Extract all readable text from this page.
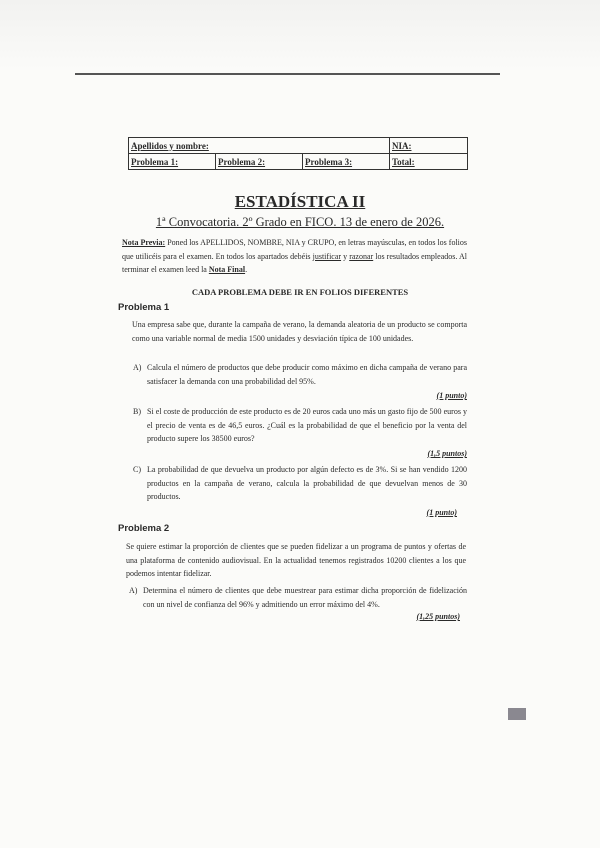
Apellidos y nombre:			NIA:
Problema 1:	Problema 2:	Problema 3:	Total:
ESTADÍSTICA II
1ª Convocatoria. 2º Grado en FICO. 13 de enero de 2026.
Nota Previa: Poned los APELLIDOS, NOMBRE, NIA y CRUPO, en letras mayúsculas, en todos los folios que utilicéis para el examen. En todos los apartados debéis justificar y razonar los resultados empleados. Al terminar el examen leed la Nota Final.
CADA PROBLEMA DEBE IR EN FOLIOS DIFERENTES
Problema 1
Una empresa sabe que, durante la campaña de verano, la demanda aleatoria de un producto se comporta como una variable normal de media 1500 unidades y desviación típica de 100 unidades.
A) Calcula el número de productos que debe producir como máximo en dicha campaña de verano para satisfacer la demanda con una probabilidad del 95%.
(1 punto)
B) Si el coste de producción de este producto es de 20 euros cada uno más un gasto fijo de 500 euros y el precio de venta es de 46,5 euros. ¿Cuál es la probabilidad de que el beneficio por la venta del producto supere los 38500 euros?
(1,5 puntos)
C) La probabilidad de que devuelva un producto por algún defecto es de 3%. Si se han vendido 1200 productos en la campaña de verano, calcula la probabilidad de que devuelvan menos de 30 productos.
(1 punto)
Problema 2
Se quiere estimar la proporción de clientes que se pueden fidelizar a un programa de puntos y ofertas de una plataforma de contenido audiovisual. En la actualidad tenemos registrados 10200 clientes a los que podemos intentar fidelizar.
A) Determina el número de clientes que debe muestrear para estimar dicha proporción de fidelización con un nivel de confianza del 96% y admitiendo un error máximo del 4%.
(1,25 puntos)
